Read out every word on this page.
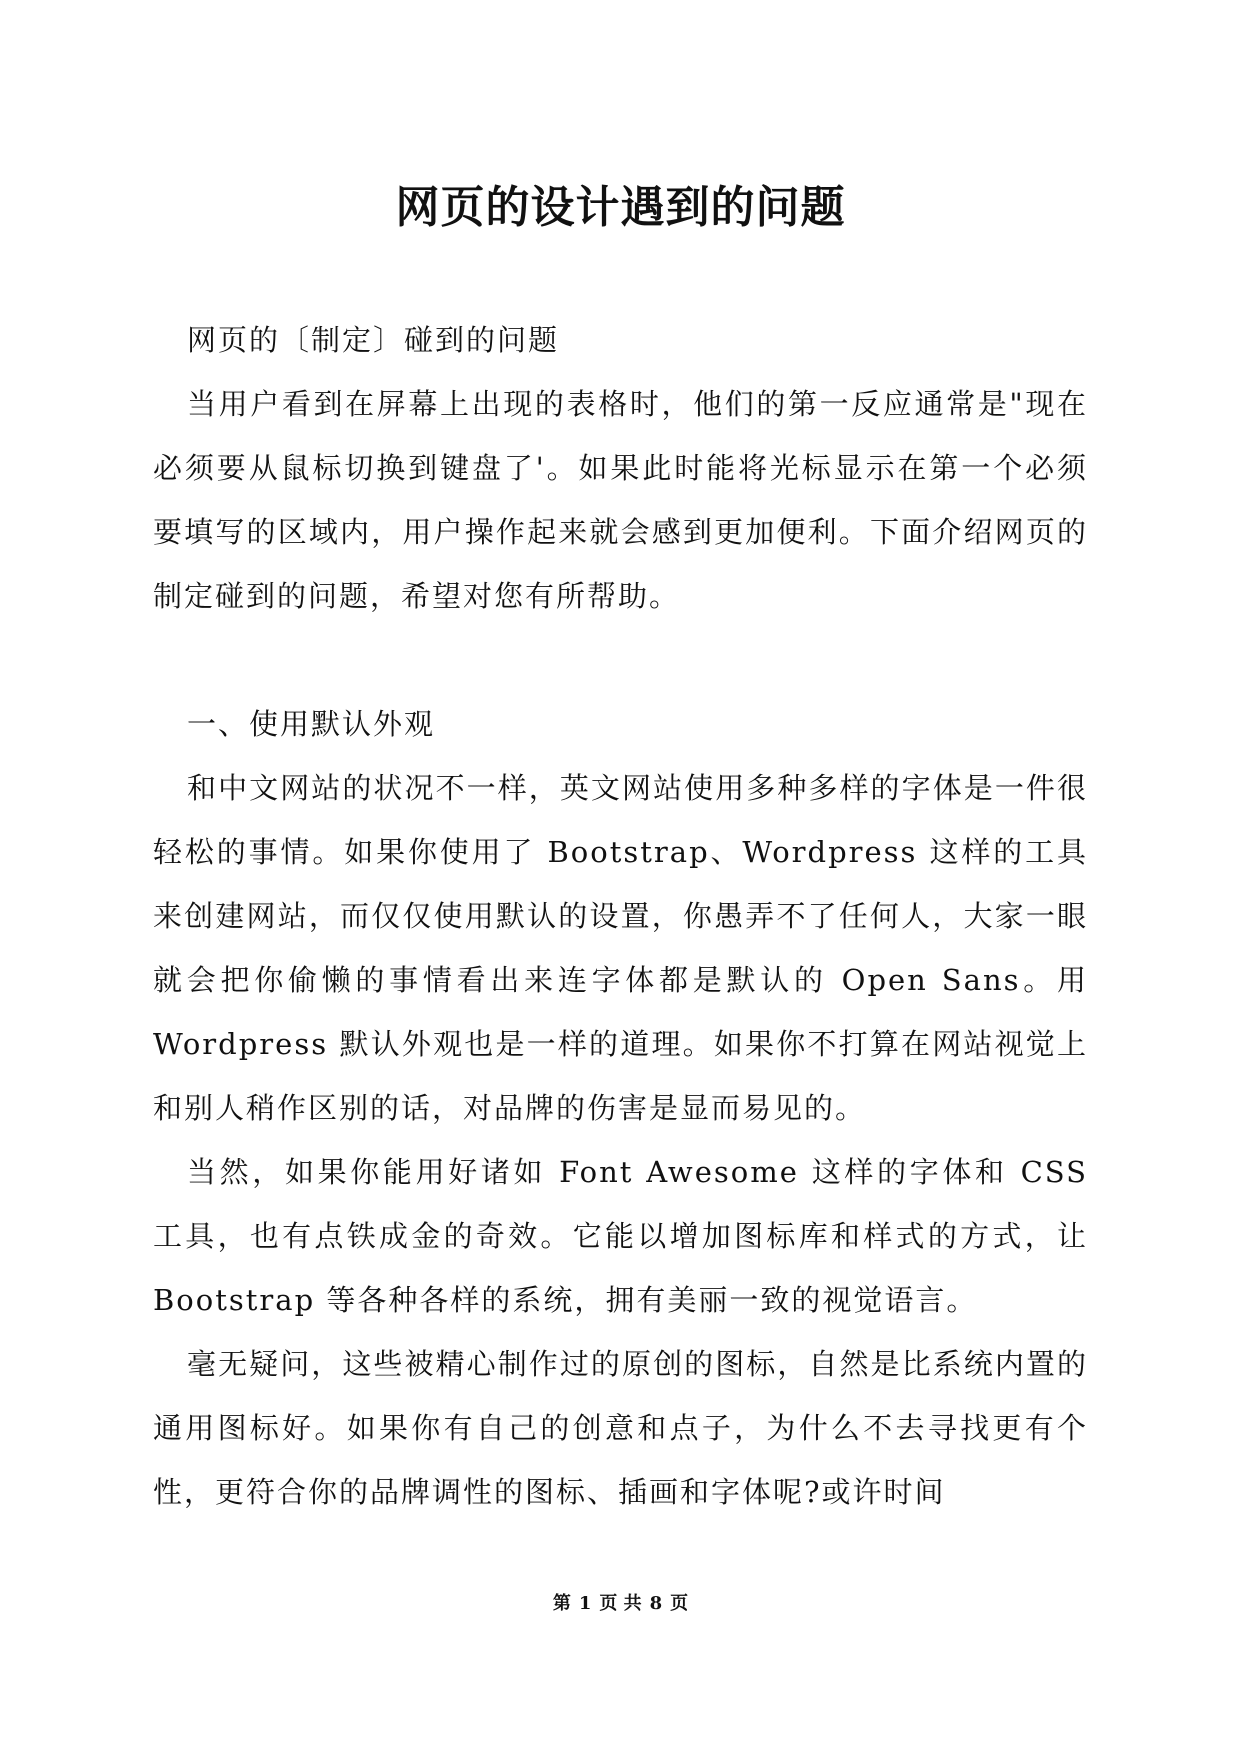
网页的设计遇到的问题

网页的〔制定〕碰到的问题

当用户看到在屏幕上出现的表格时，他们的第一反应通常是"现在必须要从鼠标切换到键盘了'。如果此时能将光标显示在第一个必须要填写的区域内，用户操作起来就会感到更加便利。下面介绍网页的制定碰到的问题，希望对您有所帮助。

一、使用默认外观

和中文网站的状况不一样，英文网站使用多种多样的字体是一件很轻松的事情。如果你使用了 Bootstrap、Wordpress 这样的工具来创建网站，而仅仅使用默认的设置，你愚弄不了任何人，大家一眼就会把你偷懒的事情看出来连字体都是默认的 Open Sans。用 Wordpress 默认外观也是一样的道理。如果你不打算在网站视觉上和别人稍作区别的话，对品牌的伤害是显而易见的。

当然，如果你能用好诸如 Font Awesome 这样的字体和 CSS 工具，也有点铁成金的奇效。它能以增加图标库和样式的方式，让 Bootstrap 等各种各样的系统，拥有美丽一致的视觉语言。

毫无疑问，这些被精心制作过的原创的图标，自然是比系统内置的通用图标好。如果你有自己的创意和点子，为什么不去寻找更有个性，更符合你的品牌调性的图标、插画和字体呢?或许时间

第 1 页 共 8 页
